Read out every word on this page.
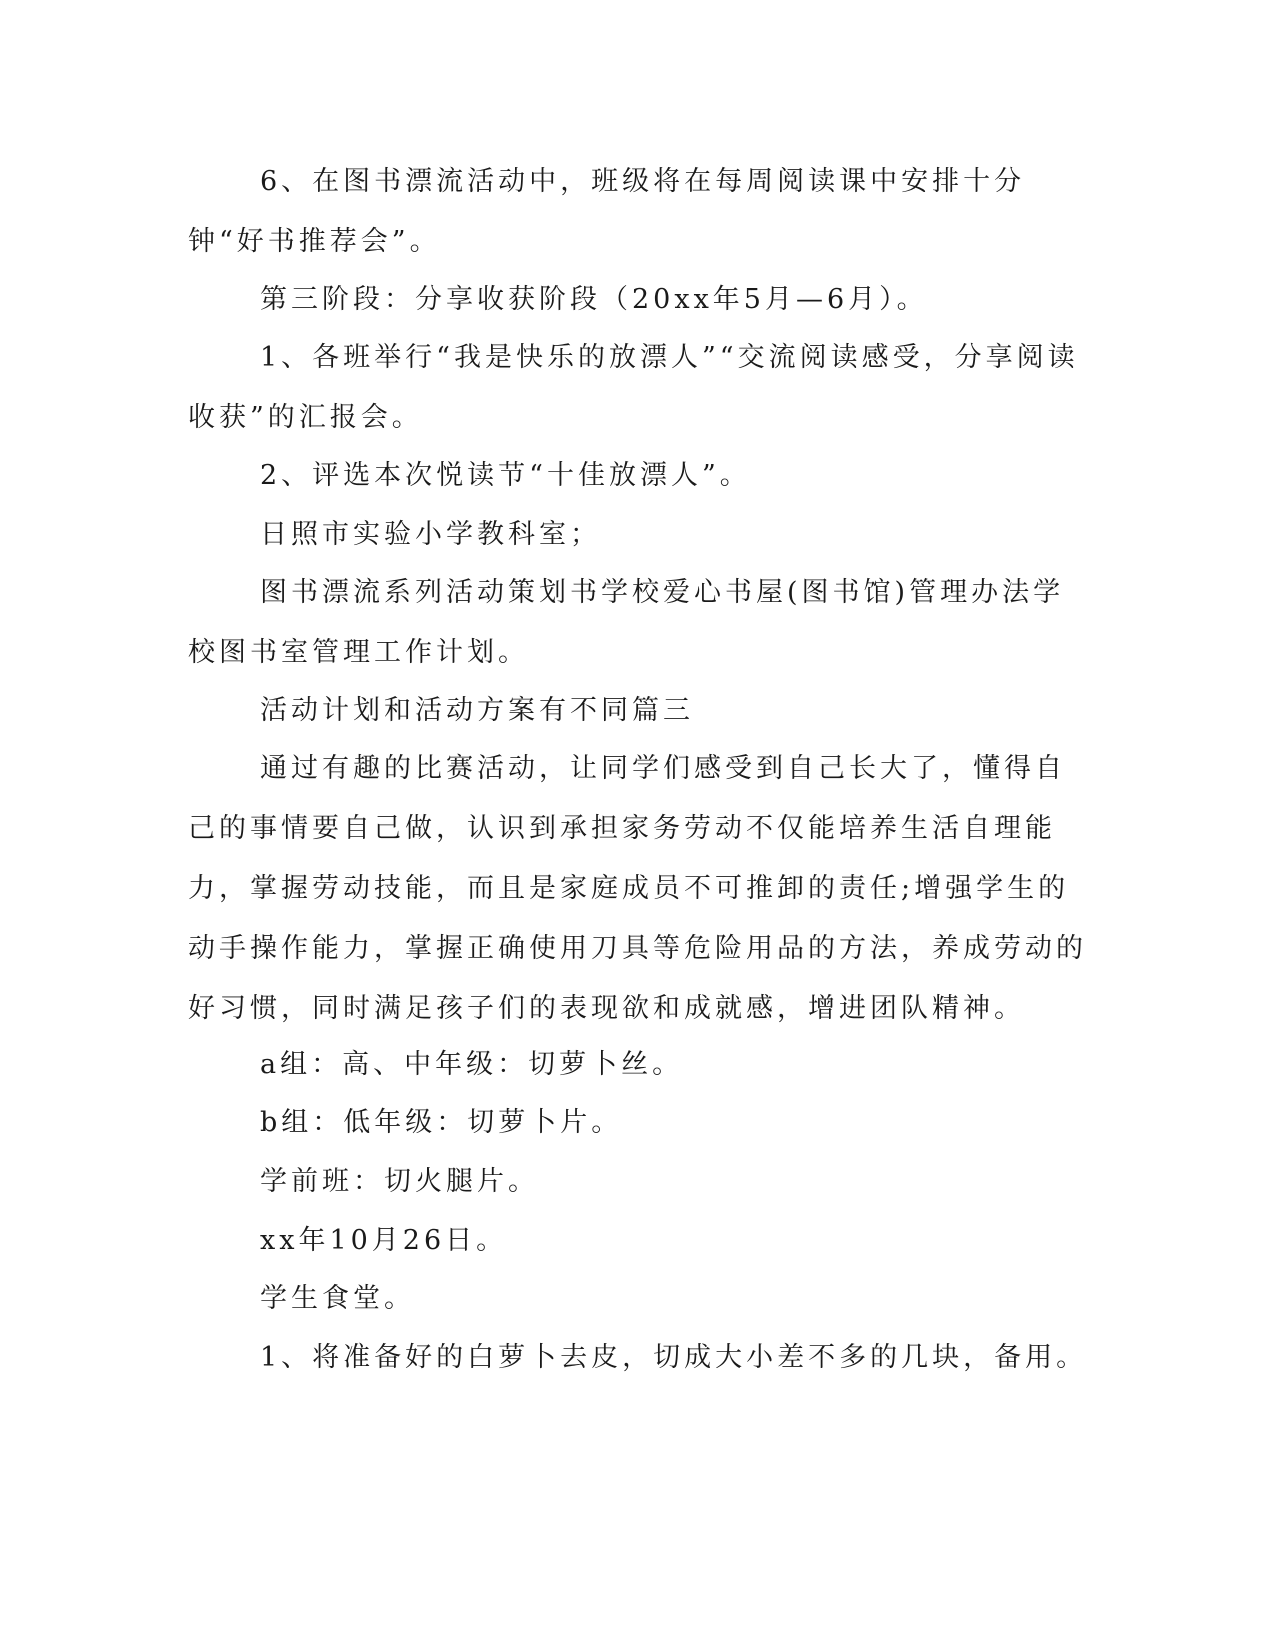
6、在图书漂流活动中，班级将在每周阅读课中安排十分钟“好书推荐会”。

第三阶段：分享收获阶段（20xx年5月—6月）。

1、各班举行“我是快乐的放漂人”“交流阅读感受，分享阅读收获”的汇报会。

2、评选本次悦读节“十佳放漂人”。

日照市实验小学教科室；

图书漂流系列活动策划书学校爱心书屋(图书馆)管理办法学校图书室管理工作计划。

活动计划和活动方案有不同篇三

通过有趣的比赛活动，让同学们感受到自己长大了，懂得自己的事情要自己做，认识到承担家务劳动不仅能培养生活自理能力，掌握劳动技能，而且是家庭成员不可推卸的责任;增强学生的动手操作能力，掌握正确使用刀具等危险用品的方法，养成劳动的好习惯，同时满足孩子们的表现欲和成就感，增进团队精神。

a组：高、中年级：切萝卜丝。

b组：低年级：切萝卜片。

学前班：切火腿片。

xx年10月26日。

学生食堂。

1、将准备好的白萝卜去皮，切成大小差不多的几块，备用。
